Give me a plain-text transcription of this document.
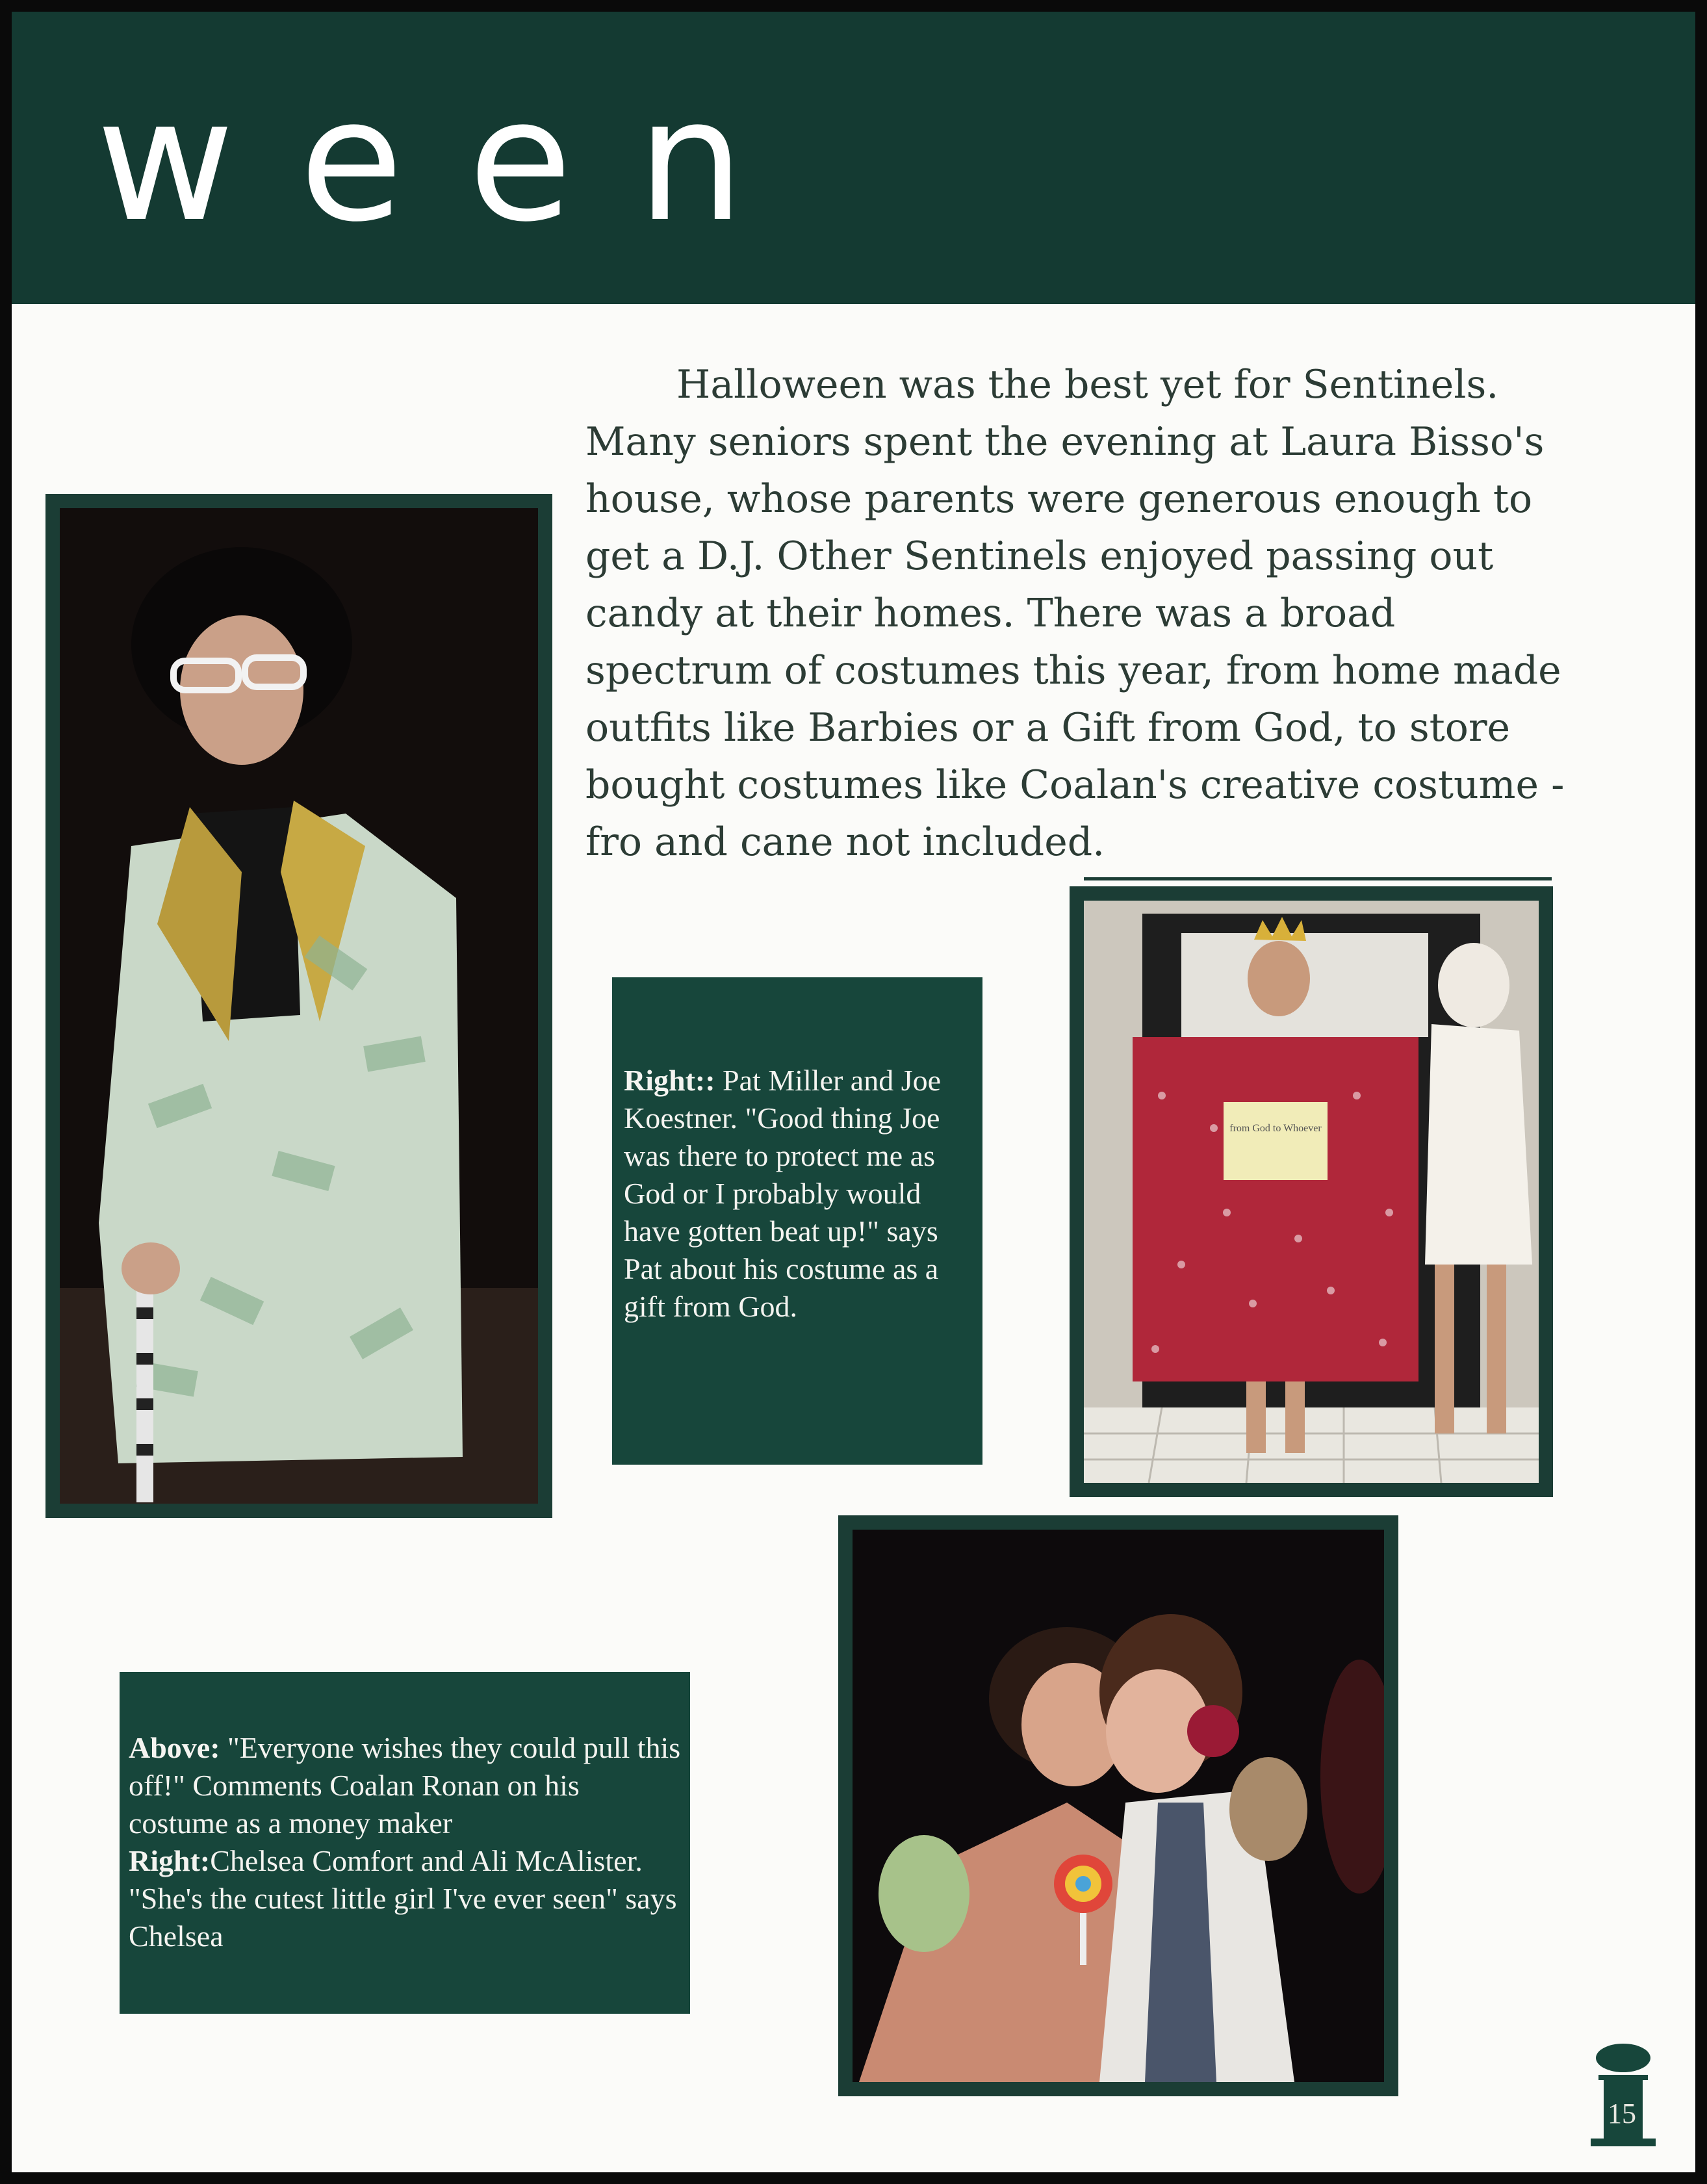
ween

Halloween was the best yet for Sentinels. Many seniors spent the evening at Laura Bisso's house, whose parents were generous enough to get a D.J. Other Sentinels enjoyed passing out candy at their homes. There was a broad spectrum of costumes this year, from home made outfits like Barbies or a Gift from God, to store bought costumes like Coalan's creative costume - fro and cane not included.

Right:: Pat Miller and Joe Koestner. "Good thing Joe was there to protect me as God or I probably would have gotten beat up!" says Pat about his costume as a gift from God.
from God to Whoever
Above: "Everyone wishes they could pull this off!" Comments Coalan Ronan on his costume as a money maker
Right:Chelsea Comfort and Ali McAlister. "She's the cutest little girl I've ever seen" says Chelsea
15
